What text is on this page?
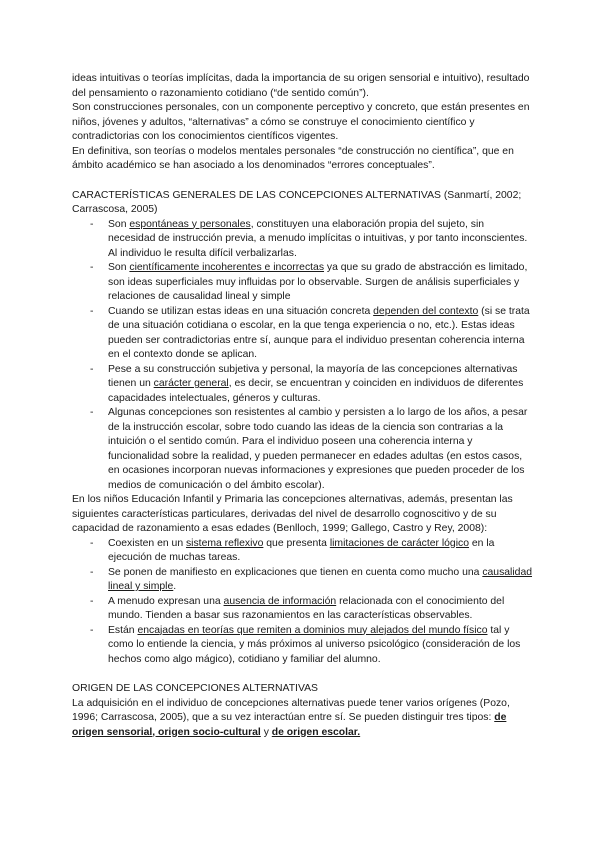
ideas intuitivas o teorías implícitas, dada la importancia de su origen sensorial e intuitivo), resultado del pensamiento o razonamiento cotidiano (“de sentido común”).

Son construcciones personales, con un componente perceptivo y concreto, que están presentes en niños, jóvenes y adultos, “alternativas” a cómo se construye el conocimiento científico y contradictorias con los conocimientos científicos vigentes.

En definitiva, son teorías o modelos mentales personales “de construcción no científica”, que en ámbito académico se han asociado a los denominados “errores conceptuales”.

CARACTERÍSTICAS GENERALES DE LAS CONCEPCIONES ALTERNATIVAS (Sanmartí, 2002; Carrascosa, 2005)

- Son espontáneas y personales, constituyen una elaboración propia del sujeto, sin necesidad de instrucción previa, a menudo implícitas o intuitivas, y por tanto inconscientes. Al individuo le resulta difícil verbalizarlas.
- Son científicamente incoherentes e incorrectas ya que su grado de abstracción es limitado, son ideas superficiales muy influidas por lo observable. Surgen de análisis superficiales y relaciones de causalidad lineal y simple
- Cuando se utilizan estas ideas en una situación concreta dependen del contexto (si se trata de una situación cotidiana o escolar, en la que tenga experiencia o no, etc.). Estas ideas pueden ser contradictorias entre sí, aunque para el individuo presentan coherencia interna en el contexto donde se aplican.
- Pese a su construcción subjetiva y personal, la mayoría de las concepciones alternativas tienen un carácter general, es decir, se encuentran y coinciden en individuos de diferentes capacidades intelectuales, géneros y culturas.
- Algunas concepciones son resistentes al cambio y persisten a lo largo de los años, a pesar de la instrucción escolar, sobre todo cuando las ideas de la ciencia son contrarias a la intuición o el sentido común. Para el individuo poseen una coherencia interna y funcionalidad sobre la realidad, y pueden permanecer en edades adultas (en estos casos, en ocasiones incorporan nuevas informaciones y expresiones que pueden proceder de los medios de comunicación o del ámbito escolar).

En los niños Educación Infantil y Primaria las concepciones alternativas, además, presentan las siguientes características particulares, derivadas del nivel de desarrollo cognoscitivo y de su capacidad de razonamiento a esas edades (Benlloch, 1999; Gallego, Castro y Rey, 2008):

- Coexisten en un sistema reflexivo que presenta limitaciones de carácter lógico en la ejecución de muchas tareas.
- Se ponen de manifiesto en explicaciones que tienen en cuenta como mucho una causalidad lineal y simple.
- A menudo expresan una ausencia de información relacionada con el conocimiento del mundo. Tienden a basar sus razonamientos en las características observables.
- Están encajadas en teorías que remiten a dominios muy alejados del mundo físico tal y como lo entiende la ciencia, y más próximos al universo psicológico (consideración de los hechos como algo mágico), cotidiano y familiar del alumno.

ORIGEN DE LAS CONCEPCIONES ALTERNATIVAS

La adquisición en el individuo de concepciones alternativas puede tener varios orígenes (Pozo, 1996; Carrascosa, 2005), que a su vez interactúan entre sí. Se pueden distinguir tres tipos: de origen sensorial, origen socio-cultural y de origen escolar.
